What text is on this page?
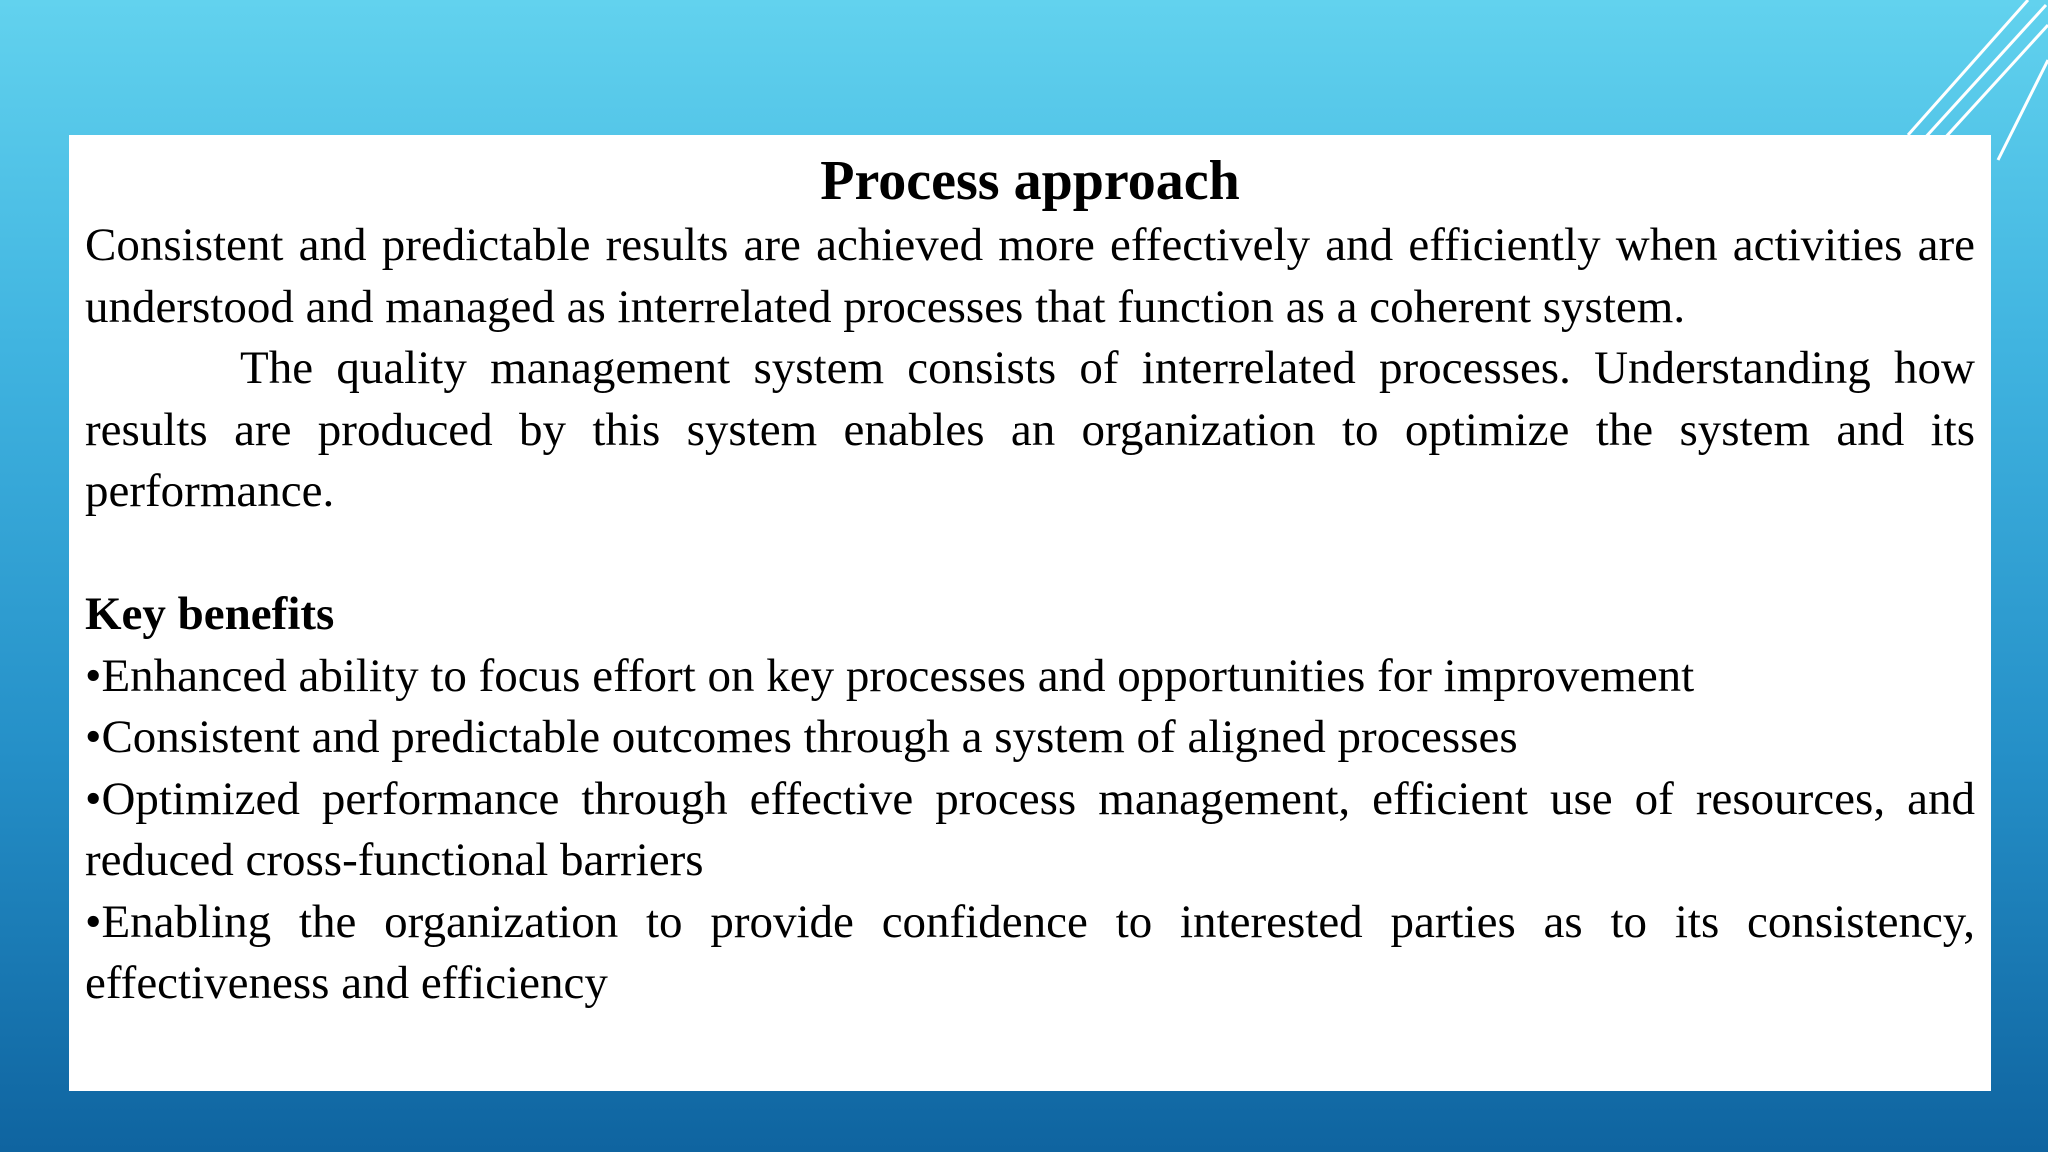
Process approach

Consistent and predictable results are achieved more effectively and efficiently when activities are understood and managed as interrelated processes that function as a coherent system.

The quality management system consists of interrelated processes. Understanding how results are produced by this system enables an organization to optimize the system and its performance.

Key benefits

•Enhanced ability to focus effort on key processes and opportunities for improvement

•Consistent and predictable outcomes through a system of aligned processes

•Optimized performance through effective process management, efficient use of resources, and reduced cross-functional barriers

•Enabling the organization to provide confidence to interested parties as to its consistency, effectiveness and efficiency
